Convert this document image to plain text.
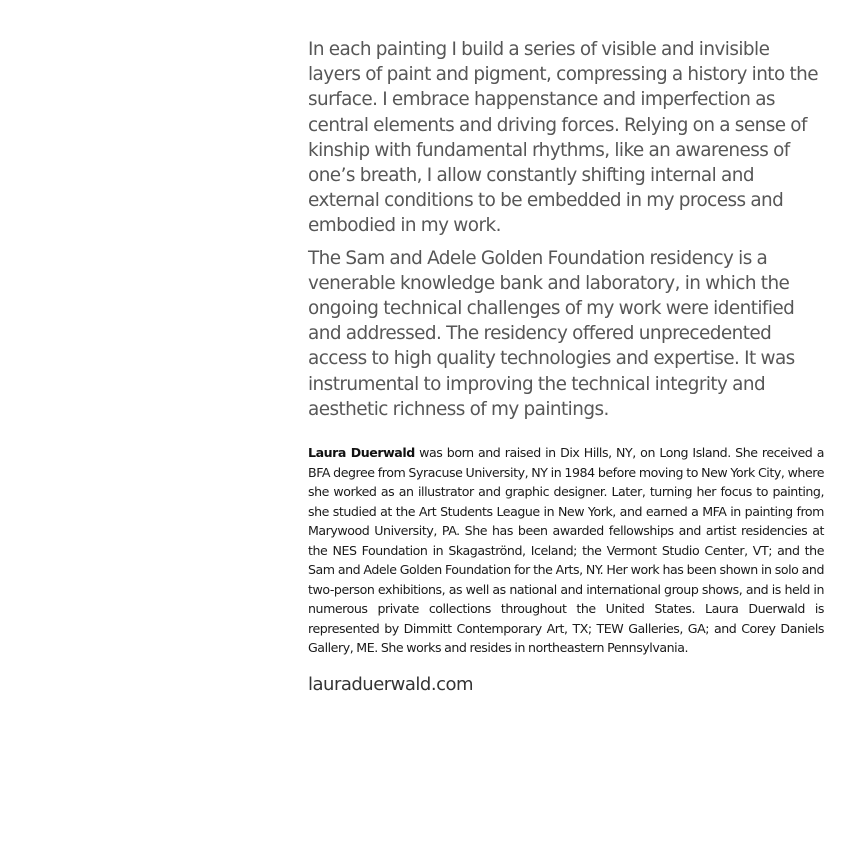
In each painting I build a series of visible and invisible layers of paint and pigment, compressing a history into the surface. I embrace happenstance and imperfection as central elements and driving forces. Relying on a sense of kinship with fundamental rhythms, like an awareness of one’s breath, I allow constantly shifting internal and external conditions to be embedded in my process and embodied in my work.

The Sam and Adele Golden Foundation residency is a venerable knowledge bank and laboratory, in which the ongoing technical challenges of my work were identified and addressed. The residency offered unprecedented access to high quality technologies and expertise. It was instrumental to improving the technical integrity and aesthetic richness of my paintings.

Laura Duerwald was born and raised in Dix Hills, NY, on Long Island. She received a BFA degree from Syracuse University, NY in 1984 before moving to New York City, where she worked as an illustrator and graphic designer. Later, turning her focus to painting, she studied at the Art Students League in New York, and earned a MFA in painting from Marywood University, PA. She has been awarded fellowships and artist residencies at the NES Foundation in Skagaströnd, Iceland; the Vermont Studio Center, VT; and the Sam and Adele Golden Foundation for the Arts, NY. Her work has been shown in solo and two-person exhibitions, as well as national and international group shows, and is held in numerous private collections throughout the United States. Laura Duerwald is represented by Dimmitt Contemporary Art, TX; TEW Galleries, GA; and Corey Daniels Gallery, ME. She works and resides in northeastern Pennsylvania.

lauraduerwald.com
